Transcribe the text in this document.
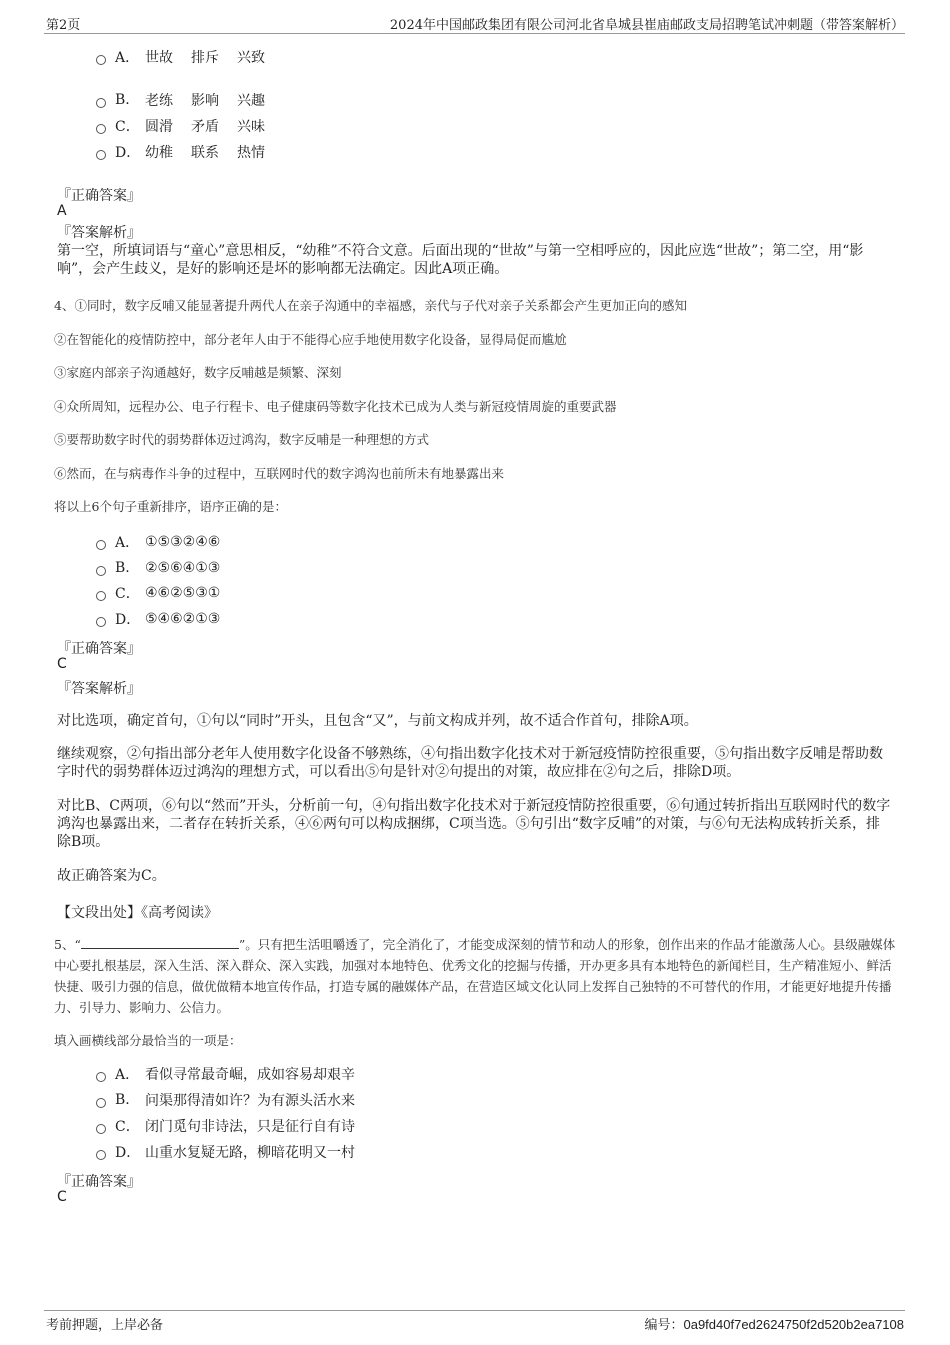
第2页	2024年中国邮政集团有限公司河北省阜城县崔庙邮政支局招聘笔试冲刺题（带答案解析）
A． 世故 排斥 兴致
B.	老练 影响 兴趣
C． 圆滑 矛盾 兴味
D． 幼稚 联系 热情
『正确答案』
A
『答案解析』
第一空，所填词语与“童心”意思相反，“幼稚”不符合文意。后面出现的“世故”与第一空相呼应的，因此应选“世故”；第二空，用“影响”，会产生歧义，是好的影响还是坏的影响都无法确定。因此A项正确。
4、①同时，数字反哺又能显著提升两代人在亲子沟通中的幸福感，亲代与子代对亲子关系都会产生更加正向的感知
②在智能化的疫情防控中，部分老年人由于不能得心应手地使用数字化设备，显得局促而尴尬
③家庭内部亲子沟通越好，数字反哺越是频繁、深刻
④众所周知，远程办公、电子行程卡、电子健康码等数字化技术已成为人类与新冠疫情周旋的重要武器
⑤要帮助数字时代的弱势群体迈过鸿沟，数字反哺是一种理想的方式
⑥然而，在与病毒作斗争的过程中，互联网时代的数字鸿沟也前所未有地暴露出来
将以上6个句子重新排序，语序正确的是：
A． ①⑤③②④⑥
B.	②⑤⑥④①③
C． ④⑥②⑤③①
D． ⑤④⑥②①③
『正确答案』
C
『答案解析』
对比选项，确定首句，①句以“同时”开头，且包含“又”，与前文构成并列，故不适合作首句，排除A项。
继续观察，②句指出部分老年人使用数字化设备不够熟练，④句指出数字化技术对于新冠疫情防控很重要，⑤句指出数字反哺是帮助数字时代的弱势群体迈过鸿沟的理想方式，可以看出⑤句是针对②句提出的对策，故应排在②句之后，排除D项。
对比B、C两项，⑥句以“然而”开头，分析前一句，④句指出数字化技术对于新冠疫情防控很重要，⑥句通过转折指出互联网时代的数字鸿沟也暴露出来，二者存在转折关系，④⑥两句可以构成捆绑，C项当选。⑤句引出“数字反哺”的对策，与⑥句无法构成转折关系，排除B项。
故正确答案为C。
【文段出处】《高考阅读》
5、“	”。只有把生活咀嚼透了，完全消化了，才能变成深刻的情节和动人的形象，创作出来的作品才能激荡人心。县级融媒体中心要扎根基层，深入生活、深入群众、深入实践，加强对本地特色、优秀文化的挖掘与传播，开办更多具有本地特色的新闻栏目，生产精准短小、鲜活快捷、吸引力强的信息，做优做精本地宣传作品，打造专属的融媒体产品，在营造区域文化认同上发挥自己独特的不可替代的作用，才能更好地提升传播力、引导力、影响力、公信力。
填入画横线部分最恰当的一项是：
A． 看似寻常最奇崛，成如容易却艰辛
B.	问渠那得清如许？为有源头活水来
C． 闭门觅句非诗法，只是征行自有诗
D． 山重水复疑无路，柳暗花明又一村
『正确答案』
C
考前押题，上岸必备	编号：0a9fd40f7ed2624750f2d520b2ea7108
